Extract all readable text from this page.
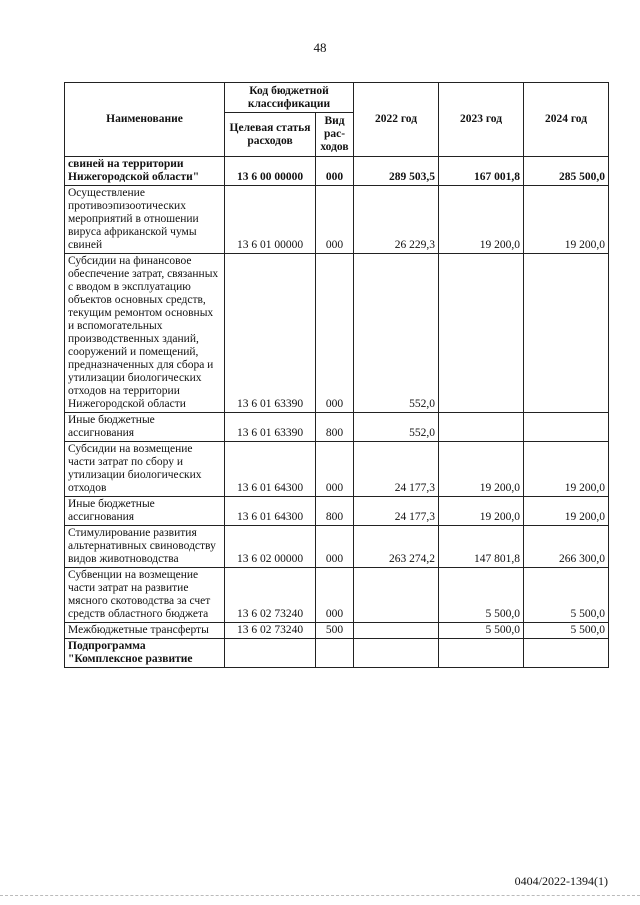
48
Наименование	Код бюджетной классификации		2022 год	2023 год	2024 год
	Целевая статья расходов	Вид рас-ходов			
свиней на территории Нижегородской области"	13 6 00 00000	000	289 503,5	167 001,8	285 500,0
Осуществление противоэпизоотических мероприятий в отношении вируса африканской чумы свиней	13 6 01 00000	000	26 229,3	19 200,0	19 200,0
Субсидии на финансовое обеспечение затрат, связанных с вводом в эксплуатацию объектов основных средств, текущим ремонтом основных и вспомогательных производственных зданий, сооружений и помещений, предназначенных для сбора и утилизации биологических отходов на территории Нижегородской области	13 6 01 63390	000	552,0		
Иные бюджетные ассигнования	13 6 01 63390	800	552,0		
Субсидии на возмещение части затрат по сбору и утилизации биологических отходов	13 6 01 64300	000	24 177,3	19 200,0	19 200,0
Иные бюджетные ассигнования	13 6 01 64300	800	24 177,3	19 200,0	19 200,0
Стимулирование развития альтернативных свиноводству видов животноводства	13 6 02 00000	000	263 274,2	147 801,8	266 300,0
Субвенции на возмещение части затрат на развитие мясного скотоводства за счет средств областного бюджета	13 6 02 73240	000		5 500,0	5 500,0
Межбюджетные трансферты	13 6 02 73240	500		5 500,0	5 500,0
Подпрограмма "Комплексное развитие					
0404/2022-1394(1)
